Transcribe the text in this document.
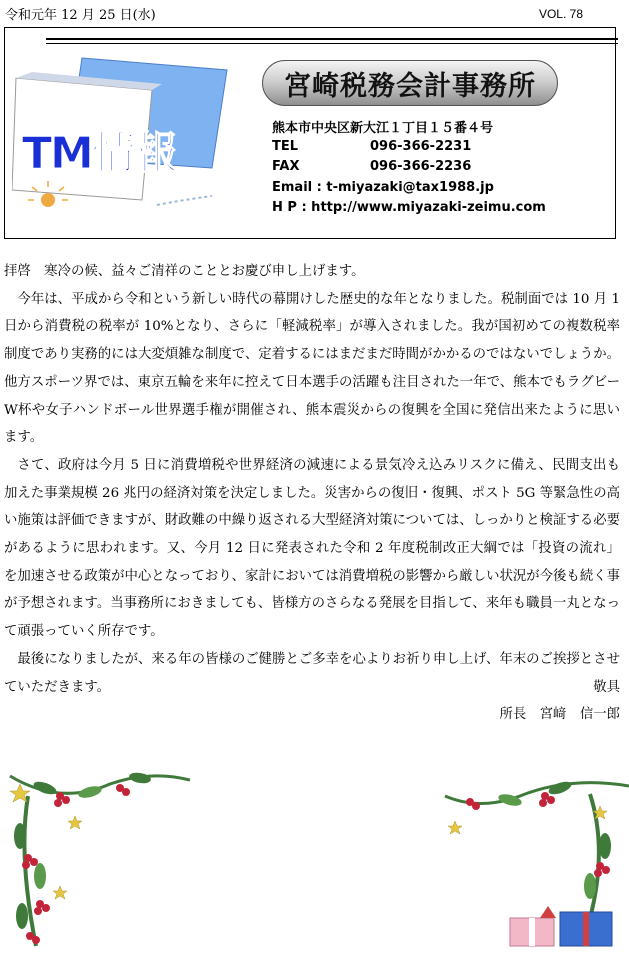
令和元年 12 月 25 日(水)	VOL. 78
TM情報
宮崎税務会計事務所
熊本市中央区新大江１丁目１５番４号
TEL	096-366-2231
FAX	096-366-2236
Email : t-miyazaki@tax1988.jp
H P : http://www.miyazaki-zeimu.com

拝啓　寒冷の候、益々ご清祥のこととお慶び申し上げます。

今年は、平成から令和という新しい時代の幕開けした歴史的な年となりました。税制面では 10 月 1 日から消費税の税率が 10%となり、さらに「軽減税率」が導入されました。我が国初めての複数税率制度であり実務的には大変煩雑な制度で、定着するにはまだまだ時間がかかるのではないでしょうか。他方スポーツ界では、東京五輪を来年に控えて日本選手の活躍も注目された一年で、熊本でもラグビーW杯や女子ハンドボール世界選手権が開催され、熊本震災からの復興を全国に発信出来たように思います。

さて、政府は今月 5 日に消費増税や世界経済の減速による景気冷え込みリスクに備え、民間支出も加えた事業規模 26 兆円の経済対策を決定しました。災害からの復旧・復興、ポスト 5G 等緊急性の高い施策は評価できますが、財政難の中繰り返される大型経済対策については、しっかりと検証する必要があるように思われます。又、今月 12 日に発表された令和 2 年度税制改正大綱では「投資の流れ」を加速させる政策が中心となっており、家計においては消費増税の影響から厳しい状況が今後も続く事が予想されます。当事務所におきましても、皆様方のさらなる発展を目指して、来年も職員一丸となって頑張っていく所存です。

最後になりましたが、来る年の皆様のご健勝とご多幸を心よりお祈り申し上げ、年末のご挨拶とさせていただきます。	敬具

所長　宮﨑　信一郎
